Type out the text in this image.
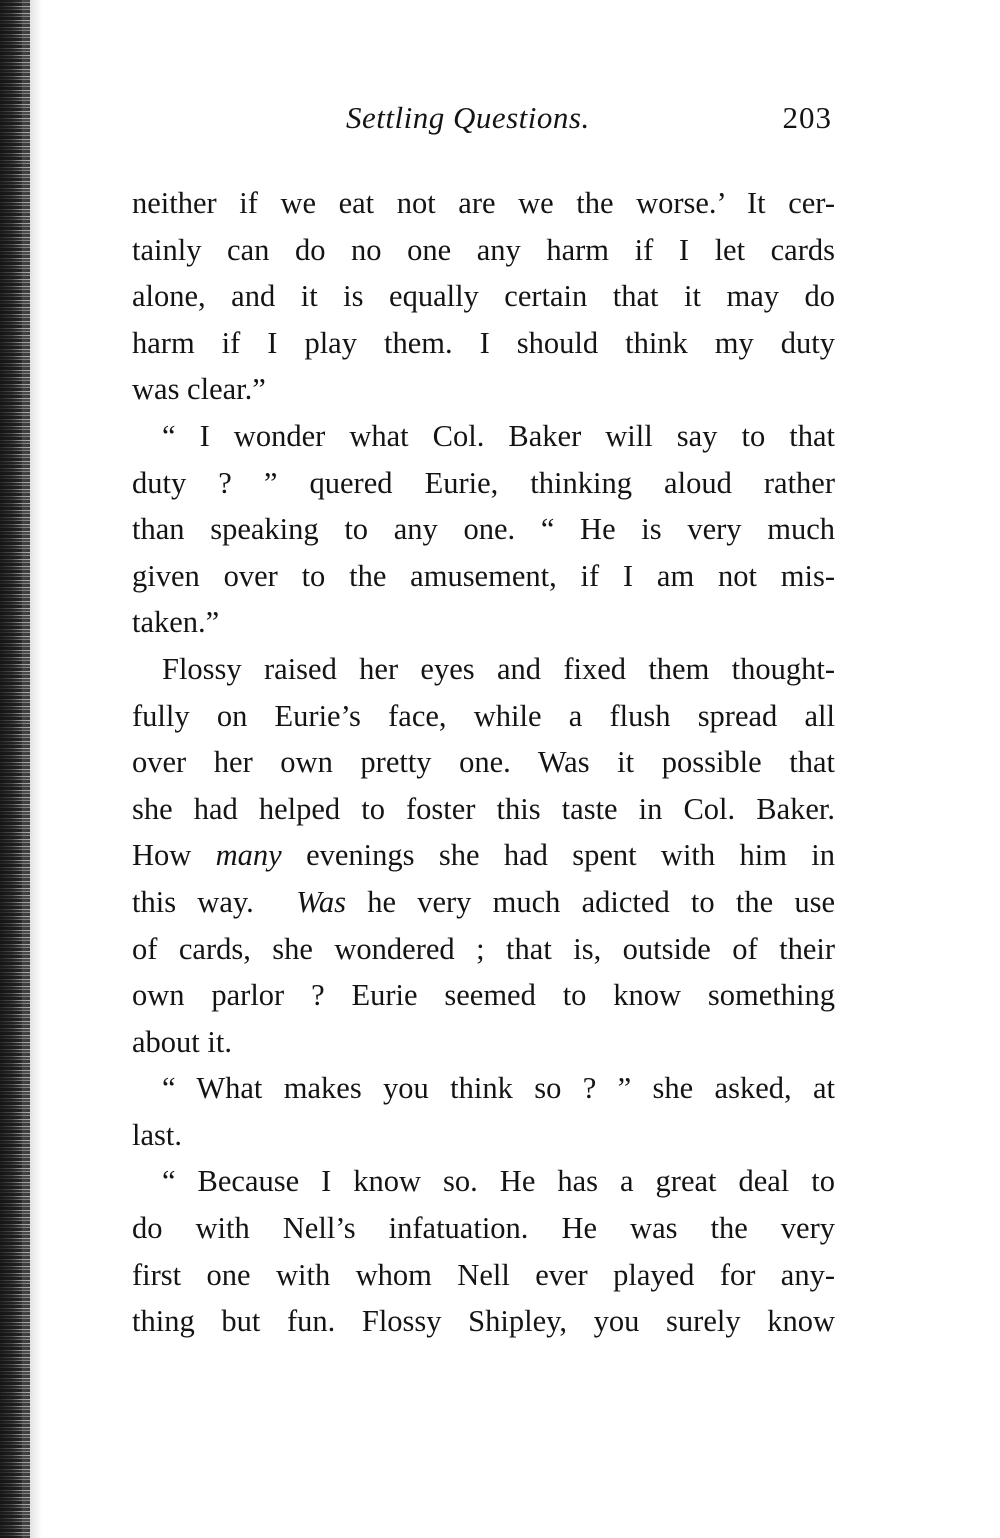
Settling Questions.	203
neither if we eat not are we the worse.’ It cer-
tainly can do no one any harm if I let cards
alone, and it is equally certain that it may do
harm if I play them. I should think my duty
was clear.”
“ I wonder what Col. Baker will say to that
duty ? ” quered Eurie, thinking aloud rather
than speaking to any one. “ He is very much
given over to the amusement, if I am not mis-
taken.”
Flossy raised her eyes and fixed them thought-
fully on Eurie’s face, while a flush spread all
over her own pretty one. Was it possible that
she had helped to foster this taste in Col. Baker.
How many evenings she had spent with him in
this way. Was he very much adicted to the use
of cards, she wondered ; that is, outside of their
own parlor ? Eurie seemed to know something
about it.
“ What makes you think so ? ” she asked, at
last.
“ Because I know so. He has a great deal to
do with Nell’s infatuation. He was the very
first one with whom Nell ever played for any-
thing but fun. Flossy Shipley, you surely know
